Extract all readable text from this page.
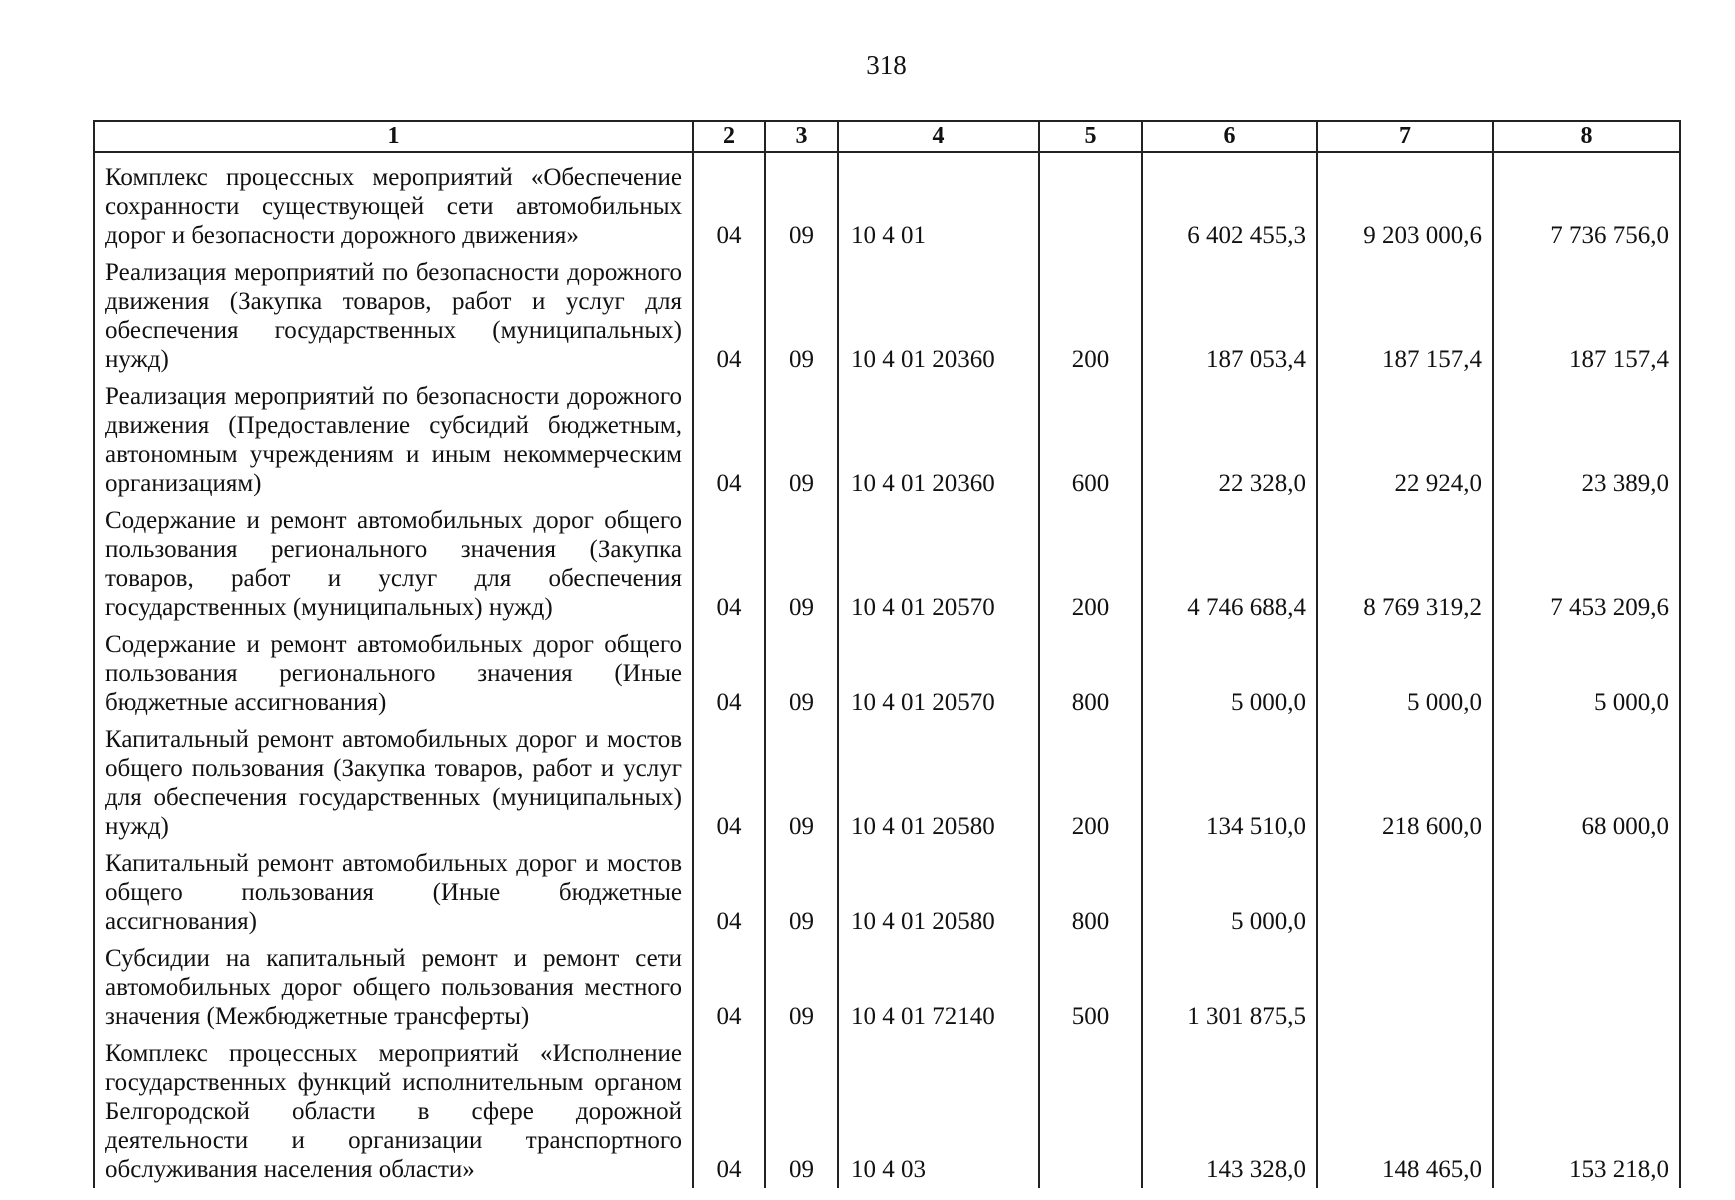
318
1	2	3	4	5	6	7	8
Комплекс процессных мероприятий «Обеспечение сохранности существующей сети автомобильных дорог и безопасности дорожного движения»	04	09	10 4 01		6 402 455,3	9 203 000,6	7 736 756,0
Реализация мероприятий по безопасности дорожного движения (Закупка товаров, работ и услуг для обеспечения государственных (муниципальных) нужд)	04	09	10 4 01 20360	200	187 053,4	187 157,4	187 157,4
Реализация мероприятий по безопасности дорожного движения (Предоставление субсидий бюджетным, автономным учреждениям и иным некоммерческим организациям)	04	09	10 4 01 20360	600	22 328,0	22 924,0	23 389,0
Содержание и ремонт автомобильных дорог общего пользования регионального значения (Закупка товаров, работ и услуг для обеспечения государственных (муниципальных) нужд)	04	09	10 4 01 20570	200	4 746 688,4	8 769 319,2	7 453 209,6
Содержание и ремонт автомобильных дорог общего пользования регионального значения (Иные бюджетные ассигнования)	04	09	10 4 01 20570	800	5 000,0	5 000,0	5 000,0
Капитальный ремонт автомобильных дорог и мостов общего пользования (Закупка товаров, работ и услуг для обеспечения государственных (муниципальных) нужд)	04	09	10 4 01 20580	200	134 510,0	218 600,0	68 000,0
Капитальный ремонт автомобильных дорог и мостов общего пользования (Иные бюджетные ассигнования)	04	09	10 4 01 20580	800	5 000,0		
Субсидии на капитальный ремонт и ремонт сети автомобильных дорог общего пользования местного значения (Межбюджетные трансферты)	04	09	10 4 01 72140	500	1 301 875,5		
Комплекс процессных мероприятий «Исполнение государственных функций исполнительным органом Белгородской области в сфере дорожной деятельности и организации транспортного обслуживания населения области»	04	09	10 4 03		143 328,0	148 465,0	153 218,0
